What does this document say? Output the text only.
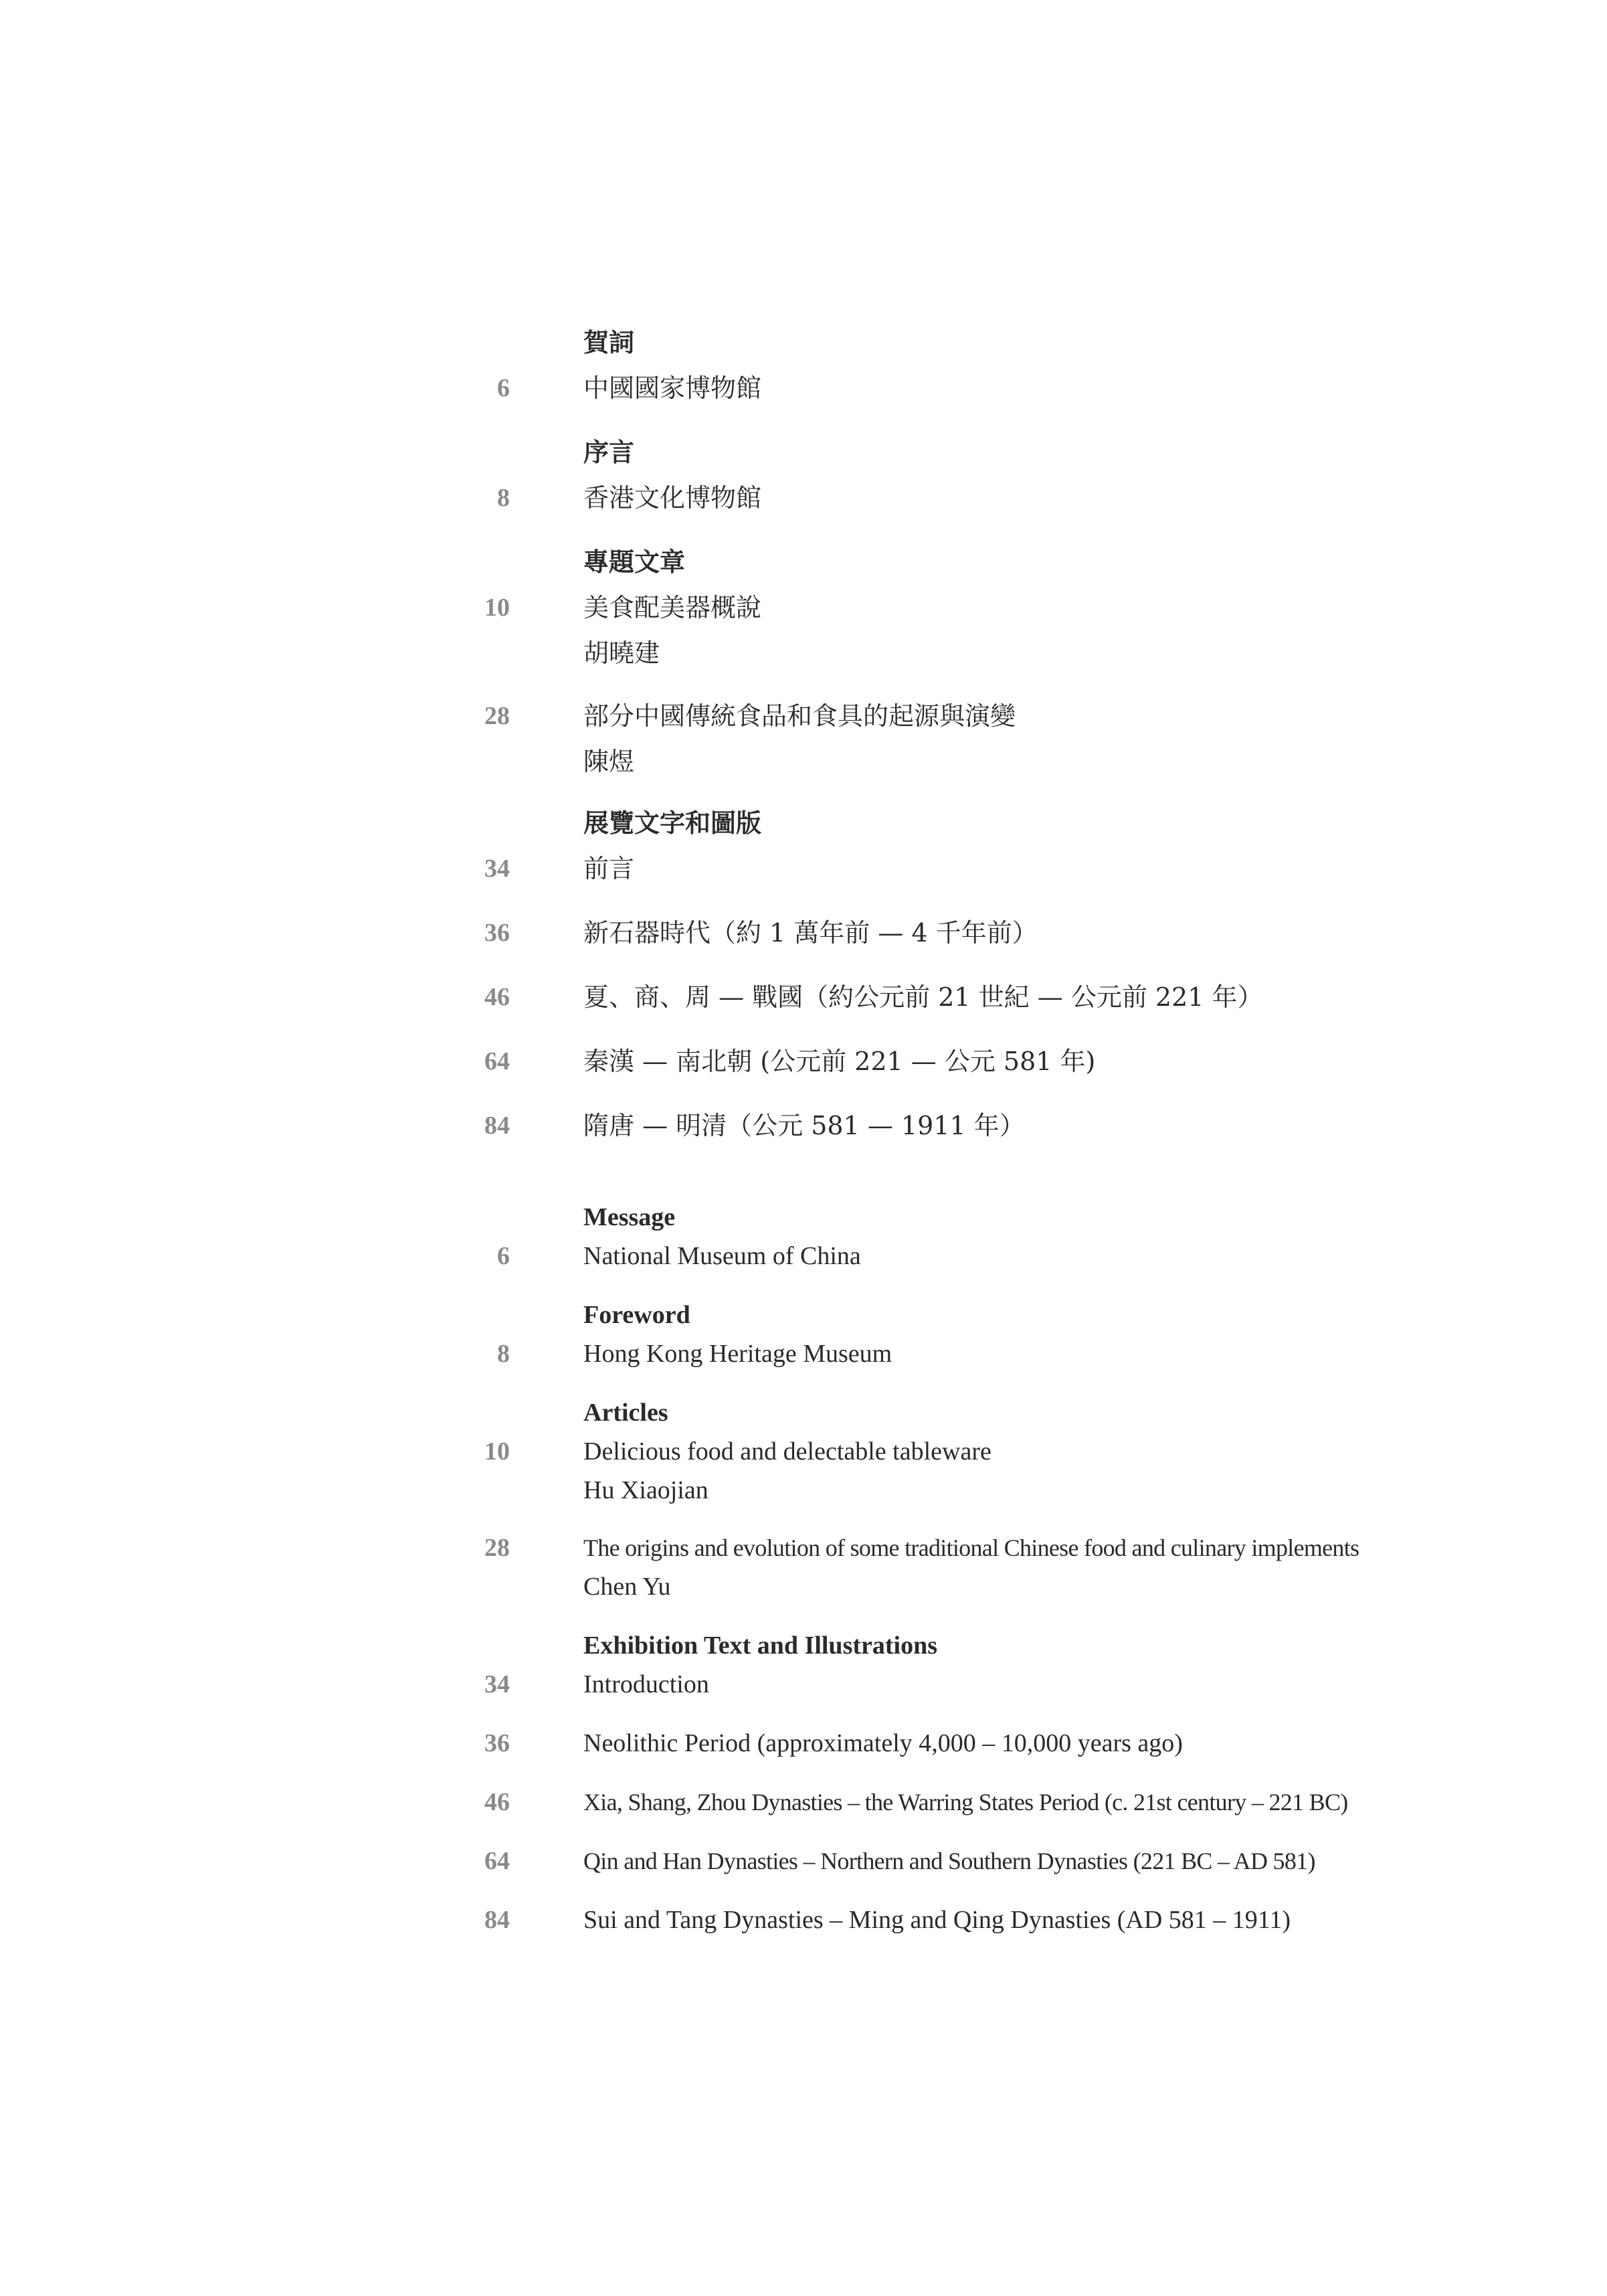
賀詞
中國國家博物館
6
序言
香港文化博物館
8
專題文章
美食配美器概說
胡曉建
10
部分中國傳統食品和食具的起源與演變
陳煜
28
展覽文字和圖版
前言
34
新石器時代（約 1 萬年前 — 4 千年前）
36
夏、商、周 — 戰國（約公元前 21 世紀 — 公元前 221 年）
46
秦漢 — 南北朝 (公元前 221 — 公元 581 年)
64
隋唐 — 明清（公元 581 — 1911 年）
84
Message
National Museum of China
6
Foreword
Hong Kong Heritage Museum
8
Articles
Delicious food and delectable tableware
Hu Xiaojian
10
The origins and evolution of some traditional Chinese food and culinary implements
Chen Yu
28
Exhibition Text and Illustrations
Introduction
34
Neolithic Period (approximately 4,000 – 10,000 years ago)
36
Xia, Shang, Zhou Dynasties – the Warring States Period (c. 21st century – 221 BC)
46
Qin and Han Dynasties – Northern and Southern Dynasties (221 BC – AD 581)
64
Sui and Tang Dynasties – Ming and Qing Dynasties (AD 581 – 1911)
84
